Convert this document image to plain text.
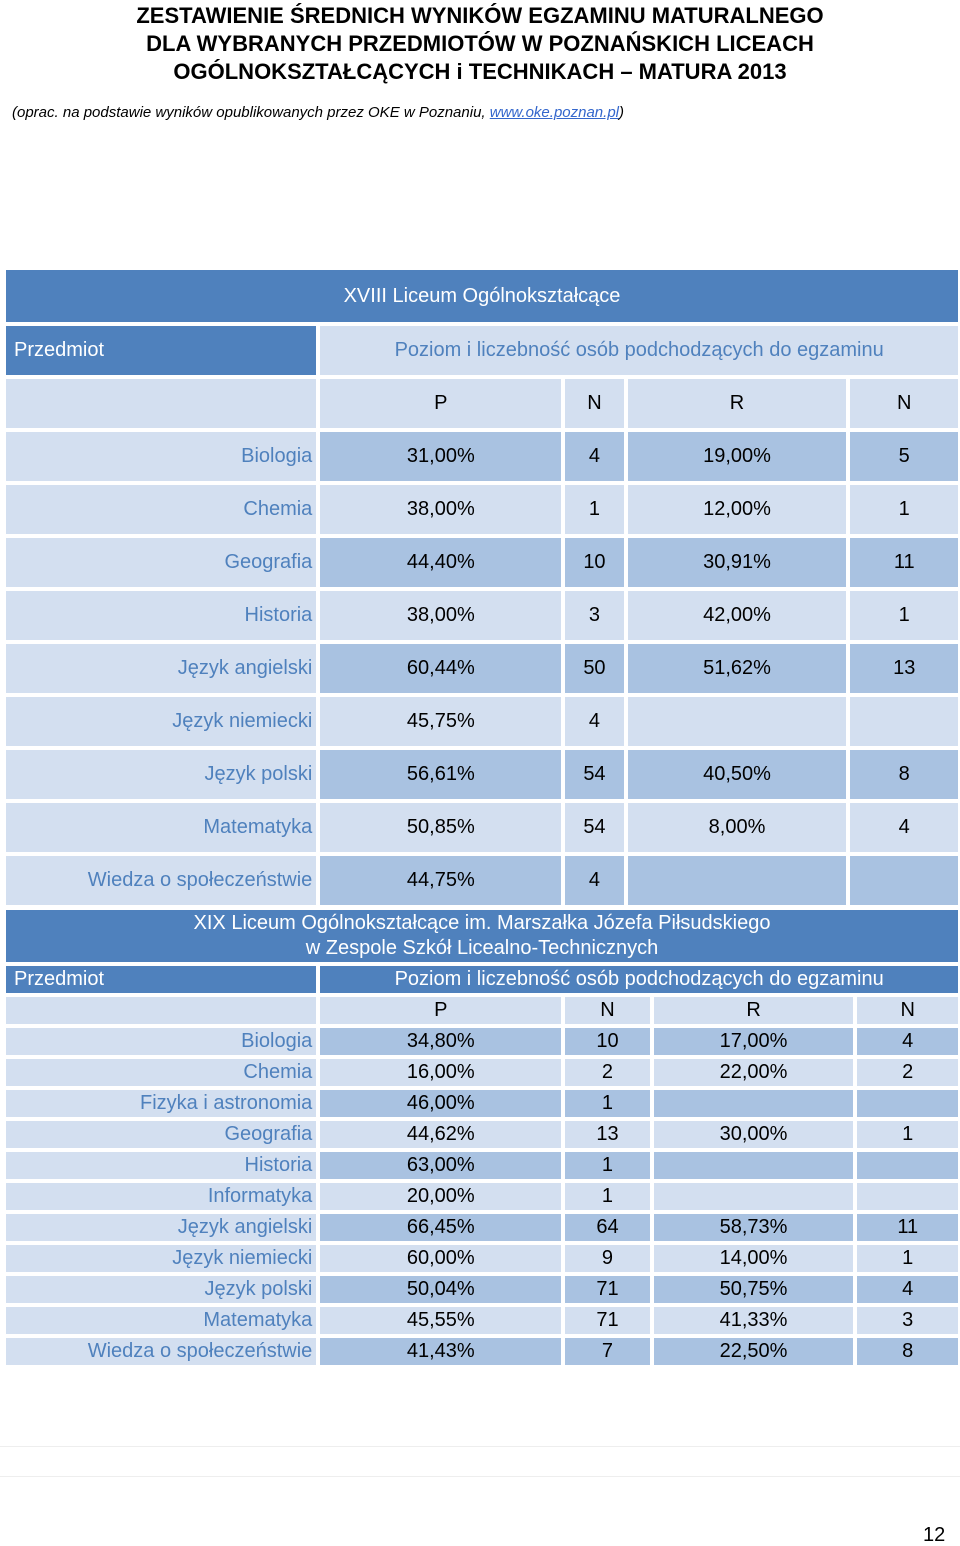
ZESTAWIENIE ŚREDNICH WYNIKÓW EGZAMINU MATURALNEGO
DLA WYBRANYCH PRZEDMIOTÓW W POZNAŃSKICH LICEACH
OGÓLNOKSZTAŁCĄCYCH i TECHNIKACH – MATURA 2013
(oprac. na podstawie wyników opublikowanych przez OKE w Poznaniu, www.oke.poznan.pl)
XVIII Liceum Ogólnokształcące				
Przedmiot	Poziom i liczebność osób podchodzących do egzaminu			
	P	N	R	N
Biologia	31,00%	4	19,00%	5
Chemia	38,00%	1	12,00%	1
Geografia	44,40%	10	30,91%	11
Historia	38,00%	3	42,00%	1
Język angielski	60,44%	50	51,62%	13
Język niemiecki	45,75%	4		
Język polski	56,61%	54	40,50%	8
Matematyka	50,85%	54	8,00%	4
Wiedza o społeczeństwie	44,75%	4		
XIX Liceum Ogólnokształcące im. Marszałka Józefa Piłsudskiego
w Zespole Szkół Licealno-Technicznych				

Przedmiot	Poziom i liczebność osób podchodzących do egzaminu			
	P	N	R	N
Biologia	34,80%	10	17,00%	4
Chemia	16,00%	2	22,00%	2
Fizyka i astronomia	46,00%	1		
Geografia	44,62%	13	30,00%	1
Historia	63,00%	1		
Informatyka	20,00%	1		
Język angielski	66,45%	64	58,73%	11
Język niemiecki	60,00%	9	14,00%	1
Język polski	50,04%	71	50,75%	4
Matematyka	45,55%	71	41,33%	3
Wiedza o społeczeństwie	41,43%	7	22,50%	8
12
